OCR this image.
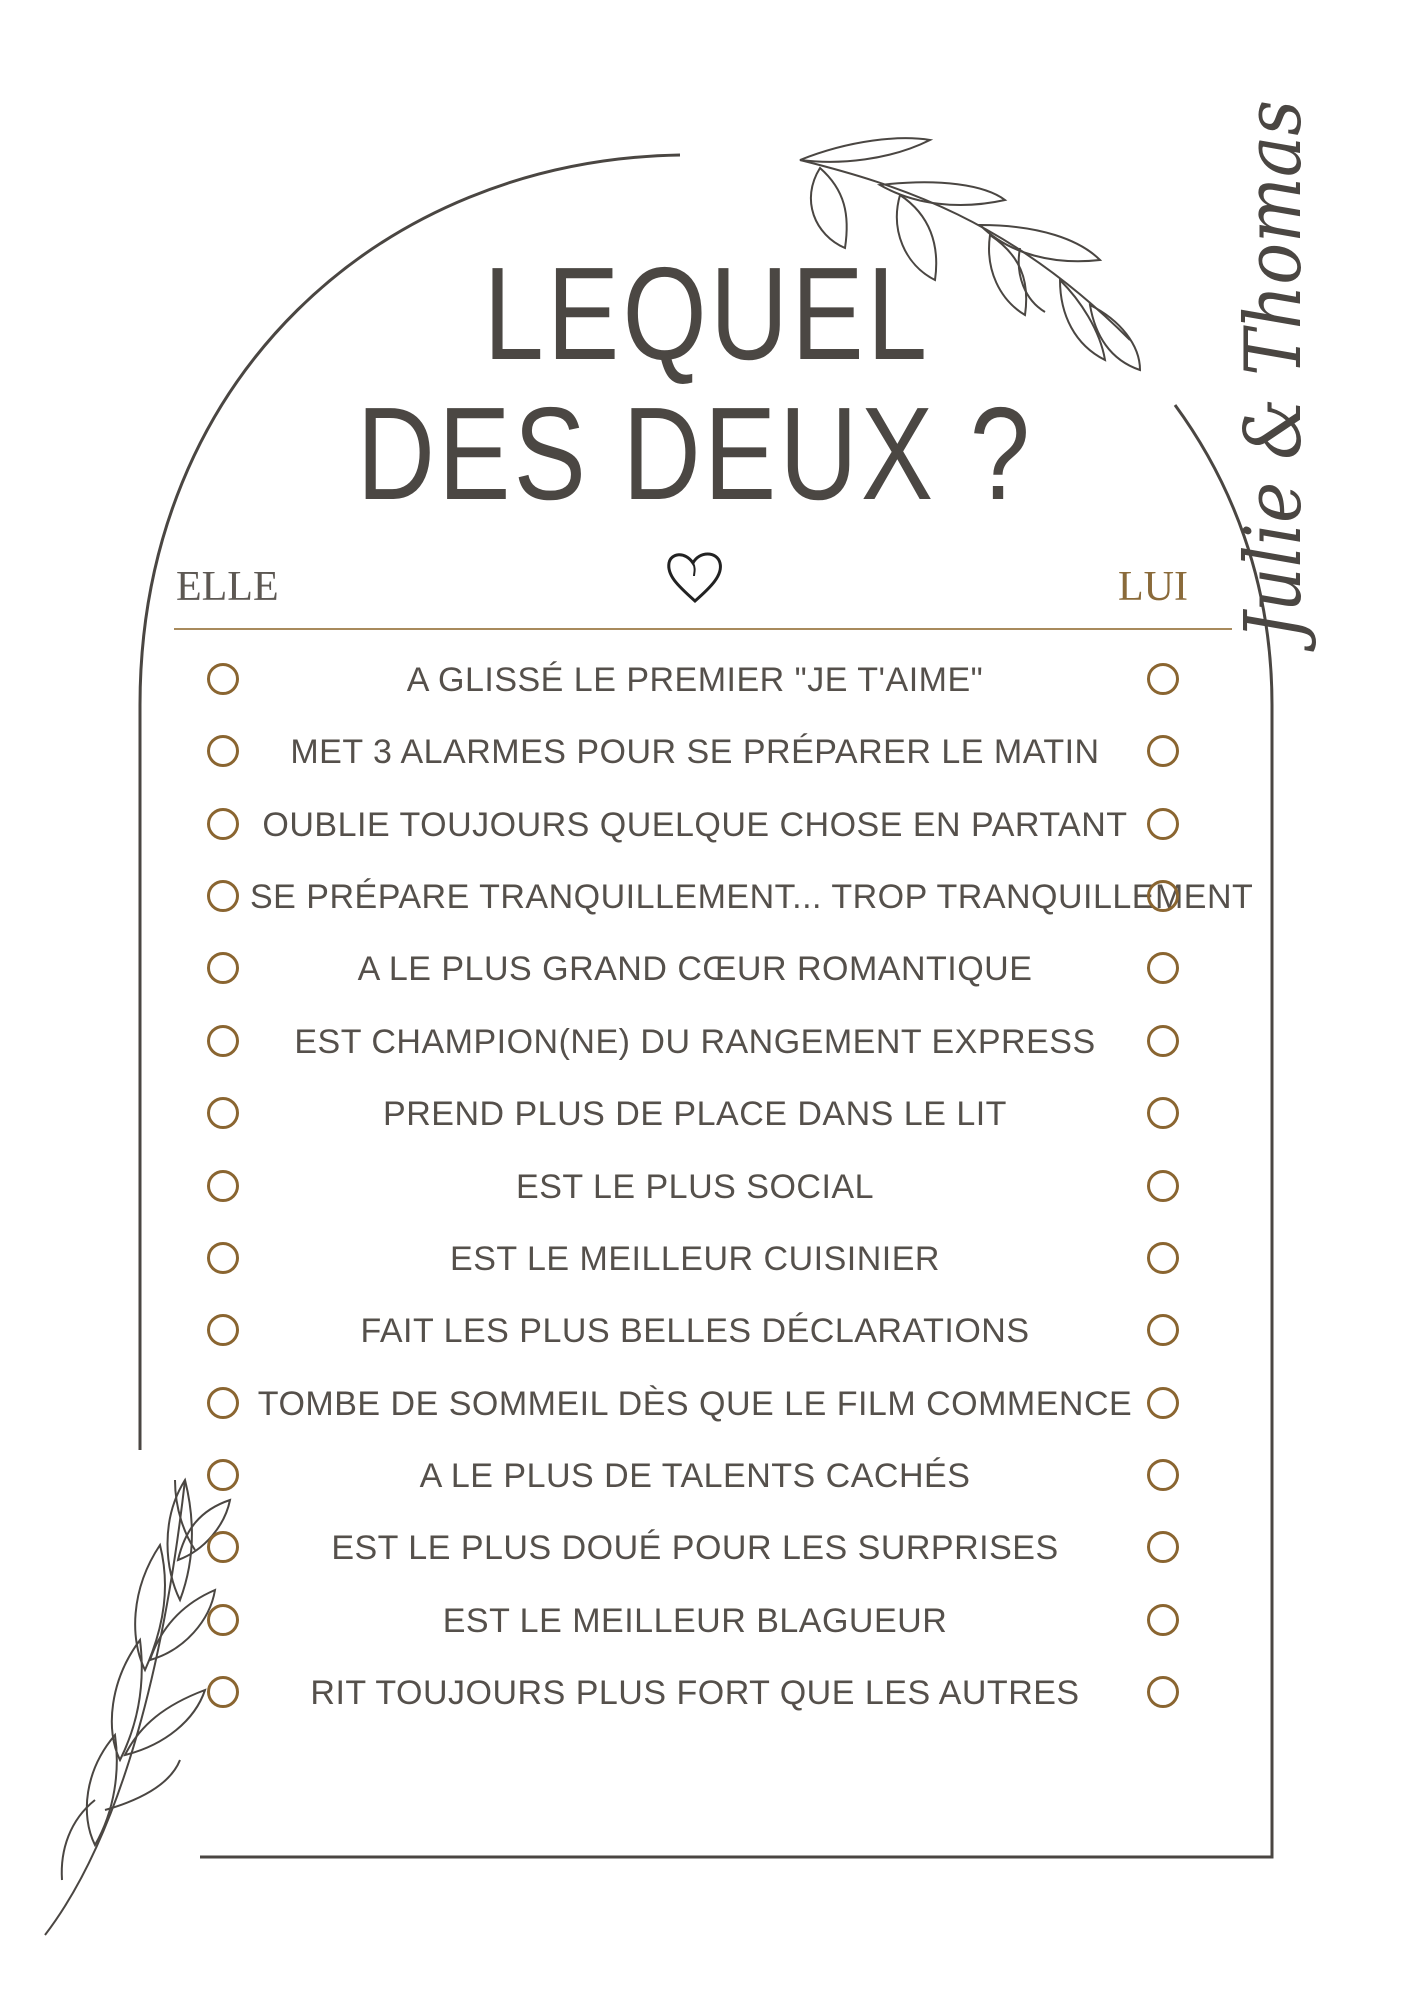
Julie & Thomas
LEQUEL
DES DEUX ?
ELLE	LUI
A GLISSÉ LE PREMIER "JE T'AIME"
MET 3 ALARMES POUR SE PRÉPARER LE MATIN
OUBLIE TOUJOURS QUELQUE CHOSE EN PARTANT
SE PRÉPARE TRANQUILLEMENT... TROP TRANQUILLEMENT
A LE PLUS GRAND CŒUR ROMANTIQUE
EST CHAMPION(NE) DU RANGEMENT EXPRESS
PREND PLUS DE PLACE DANS LE LIT
EST LE PLUS SOCIAL
EST LE MEILLEUR CUISINIER
FAIT LES PLUS BELLES DÉCLARATIONS
TOMBE DE SOMMEIL DÈS QUE LE FILM COMMENCE
A LE PLUS DE TALENTS CACHÉS
EST LE PLUS DOUÉ POUR LES SURPRISES
EST LE MEILLEUR BLAGUEUR
RIT TOUJOURS PLUS FORT QUE LES AUTRES
